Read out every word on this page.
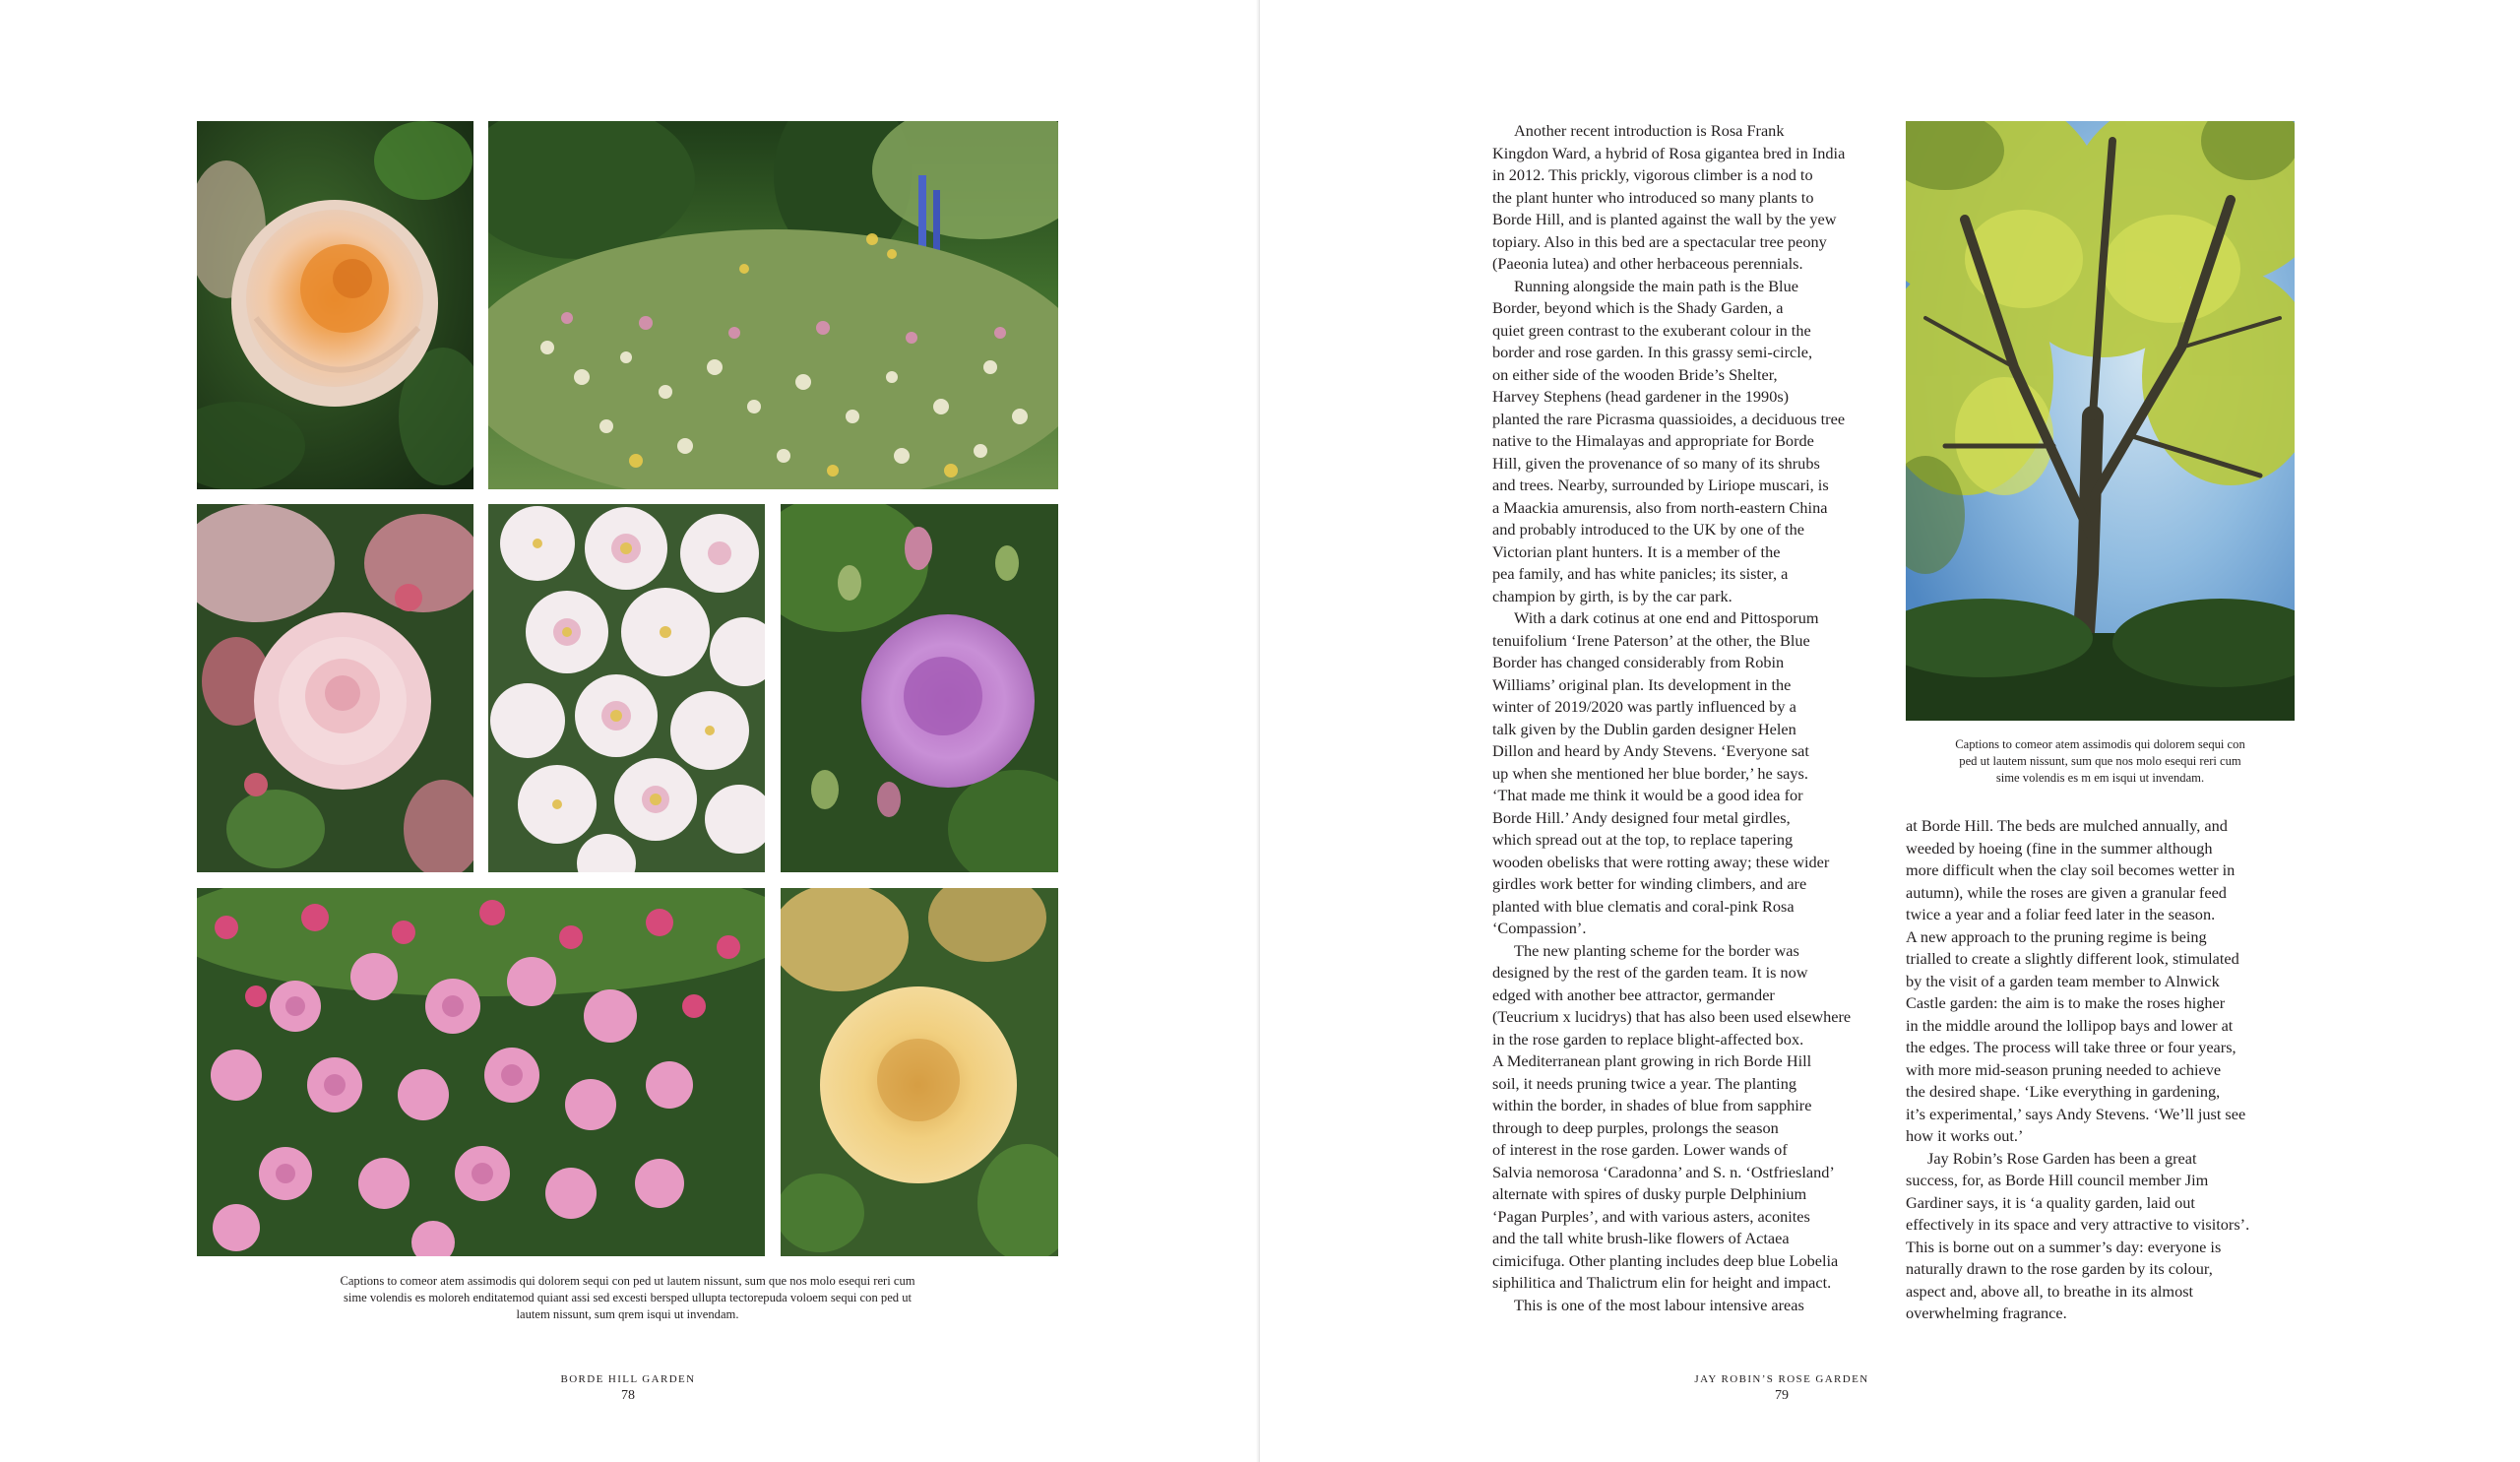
Captions to comeor atem assimodis qui dolorem sequi con ped ut lautem nissunt, sum que nos molo esequi reri cum
sime volendis es moloreh enditatemod quiant assi sed excesti bersped ullupta tectorepuda voloem sequi con ped ut
lautem nissunt, sum qrem isqui ut invendam.
BORDE HILL GARDEN
78

Another recent introduction is Rosa Frank
Kingdon Ward, a hybrid of Rosa gigantea bred in India
in 2012. This prickly, vigorous climber is a nod to
the plant hunter who introduced so many plants to
Borde Hill, and is planted against the wall by the yew
topiary. Also in this bed are a spectacular tree peony
(Paeonia lutea) and other herbaceous perennials.

Running alongside the main path is the Blue
Border, beyond which is the Shady Garden, a
quiet green contrast to the exuberant colour in the
border and rose garden. In this grassy semi-circle,
on either side of the wooden Bride’s Shelter,
Harvey Stephens (head gardener in the 1990s)
planted the rare Picrasma quassioides, a deciduous tree
native to the Himalayas and appropriate for Borde
Hill, given the provenance of so many of its shrubs
and trees. Nearby, surrounded by Liriope muscari, is
a Maackia amurensis, also from north-eastern China
and probably introduced to the UK by one of the
Victorian plant hunters. It is a member of the
pea family, and has white panicles; its sister, a
champion by girth, is by the car park.

With a dark cotinus at one end and Pittosporum
tenuifolium ‘Irene Paterson’ at the other, the Blue
Border has changed considerably from Robin
Williams’ original plan. Its development in the
winter of 2019/2020 was partly influenced by a
talk given by the Dublin garden designer Helen
Dillon and heard by Andy Stevens. ‘Everyone sat
up when she mentioned her blue border,’ he says.
‘That made me think it would be a good idea for
Borde Hill.’ Andy designed four metal girdles,
which spread out at the top, to replace tapering
wooden obelisks that were rotting away; these wider
girdles work better for winding climbers, and are
planted with blue clematis and coral-pink Rosa
‘Compassion’.

The new planting scheme for the border was
designed by the rest of the garden team. It is now
edged with another bee attractor, germander
(Teucrium x lucidrys) that has also been used elsewhere
in the rose garden to replace blight-affected box.
A Mediterranean plant growing in rich Borde Hill
soil, it needs pruning twice a year. The planting
within the border, in shades of blue from sapphire
through to deep purples, prolongs the season
of interest in the rose garden. Lower wands of
Salvia nemorosa ‘Caradonna’ and S. n. ‘Ostfriesland’
alternate with spires of dusky purple Delphinium
‘Pagan Purples’, and with various asters, aconites
and the tall white brush-like flowers of Actaea
cimicifuga. Other planting includes deep blue Lobelia
siphilitica and Thalictrum elin for height and impact.

This is one of the most labour intensive areas

Captions to comeor atem assimodis qui dolorem sequi con
ped ut lautem nissunt, sum que nos molo esequi reri cum
sime volendis es m em isqui ut invendam.

at Borde Hill. The beds are mulched annually, and
weeded by hoeing (fine in the summer although
more difficult when the clay soil becomes wetter in
autumn), while the roses are given a granular feed
twice a year and a foliar feed later in the season.
A new approach to the pruning regime is being
trialled to create a slightly different look, stimulated
by the visit of a garden team member to Alnwick
Castle garden: the aim is to make the roses higher
in the middle around the lollipop bays and lower at
the edges. The process will take three or four years,
with more mid-season pruning needed to achieve
the desired shape. ‘Like everything in gardening,
it’s experimental,’ says Andy Stevens. ‘We’ll just see
how it works out.’

Jay Robin’s Rose Garden has been a great
success, for, as Borde Hill council member Jim
Gardiner says, it is ‘a quality garden, laid out
effectively in its space and very attractive to visitors’.
This is borne out on a summer’s day: everyone is
naturally drawn to the rose garden by its colour,
aspect and, above all, to breathe in its almost
overwhelming fragrance.

JAY ROBIN’S ROSE GARDEN
79
